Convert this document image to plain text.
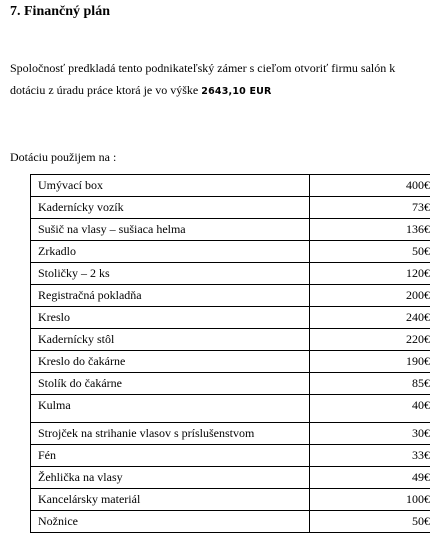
7. Finančný plán
Spoločnosť predkladá tento podnikateľský zámer s cieľom otvoriť firmu salón k
dotáciu z úradu práce ktorá je vo výške 2643,10 EUR
Dotáciu použijem na :
Umývací box	400€
Kadernícky vozík	73€
Sušič na vlasy – sušiaca helma	136€
Zrkadlo	50€
Stoličky – 2 ks	120€
Registračná pokladňa	200€
Kreslo	240€
Kadernícky stôl	220€
Kreslo do čakárne	190€
Stolík do čakárne	85€
Kulma	40€
Strojček na strihanie vlasov s príslušenstvom	30€
Fén	33€
Žehlička na vlasy	49€
Kancelársky materiál	100€
Nožnice	50€
